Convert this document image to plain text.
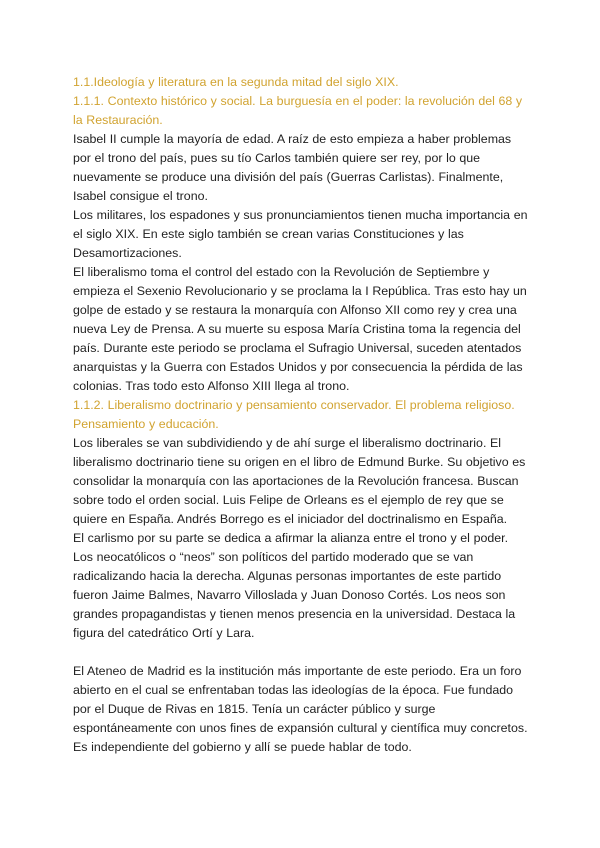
1.1.Ideología y literatura en la segunda mitad del siglo XIX.
1.1.1. Contexto histórico y social. La burguesía en el poder: la revolución del 68 y la Restauración.

Isabel II cumple la mayoría de edad. A raíz de esto empieza a haber problemas por el trono del país, pues su tío Carlos también quiere ser rey, por lo que nuevamente se produce una división del país (Guerras Carlistas). Finalmente, Isabel consigue el trono.

Los militares, los espadones y sus pronunciamientos tienen mucha importancia en el siglo XIX. En este siglo también se crean varias Constituciones y las Desamortizaciones.

El liberalismo toma el control del estado con la Revolución de Septiembre y empieza el Sexenio Revolucionario y se proclama la I República. Tras esto hay un golpe de estado y se restaura la monarquía con Alfonso XII como rey y crea una nueva Ley de Prensa. A su muerte su esposa María Cristina toma la regencia del país. Durante este periodo se proclama el Sufragio Universal, suceden atentados anarquistas y la Guerra con Estados Unidos y por consecuencia la pérdida de las colonias. Tras todo esto Alfonso XIII llega al trono.

1.1.2. Liberalismo doctrinario y pensamiento conservador. El problema religioso. Pensamiento y educación.

Los liberales se van subdividiendo y de ahí surge el liberalismo doctrinario. El liberalismo doctrinario tiene su origen en el libro de Edmund Burke. Su objetivo es consolidar la monarquía con las aportaciones de la Revolución francesa. Buscan sobre todo el orden social. Luis Felipe de Orleans es el ejemplo de rey que se quiere en España. Andrés Borrego es el iniciador del doctrinalismo en España.

El carlismo por su parte se dedica a afirmar la alianza entre el trono y el poder. Los neocatólicos o “neos” son políticos del partido moderado que se van radicalizando hacia la derecha. Algunas personas importantes de este partido fueron Jaime Balmes, Navarro Villoslada y Juan Donoso Cortés. Los neos son grandes propagandistas y tienen menos presencia en la universidad. Destaca la figura del catedrático Ortí y Lara.

El Ateneo de Madrid es la institución más importante de este periodo. Era un foro abierto en el cual se enfrentaban todas las ideologías de la época. Fue fundado por el Duque de Rivas en 1815. Tenía un carácter público y surge espontáneamente con unos fines de expansión cultural y científica muy concretos. Es independiente del gobierno y allí se puede hablar de todo.
